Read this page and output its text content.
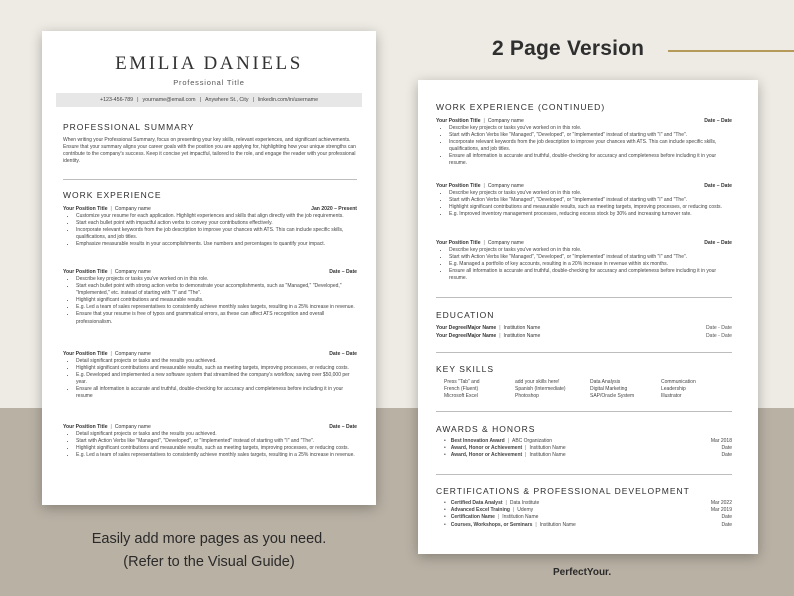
2 Page Version
EMILIA DANIELS
Professional Title
+123-456-789 | yourname@email.com | Anywhere St., City | linkedin.com/in/username
PROFESSIONAL SUMMARY
When writing your Professional Summary, focus on presenting your key skills, relevant experiences, and significant achievements. Ensure that your summary aligns your career goals with the position you are applying for, highlighting how your unique strengths can contribute to the company's success. Keep it concise yet impactful, tailored to the role, and engage the reader with your professional identity.
WORK EXPERIENCE
Your Position Title | Company name	Jan 2020 – Present
• Customize your resume for each application. Highlight experiences and skills that align directly with the job requirements.
• Start each bullet point with impactful action verbs to convey your contributions effectively.
• Incorporate relevant keywords from the job description to improve your chances with ATS. This can include specific skills, qualifications, and job titles.
• Emphasize measurable results in your accomplishments. Use numbers and percentages to quantify your impact.
Your Position Title | Company name	Date – Date
• Describe key projects or tasks you've worked on in this role.
• Start each bullet point with strong action verbs to demonstrate your accomplishments, such as "Managed," "Developed," "Implemented," etc. instead of starting with "I" and "The".
• Highlight significant contributions and measurable results.
• E.g. Led a team of sales representatives to consistently achieve monthly sales targets, resulting in a 25% increase in revenue.
• Ensure that your resume is free of typos and grammatical errors, as these can affect ATS recognition and overall professionalism.
Your Position Title | Company name	Date – Date
• Detail significant projects or tasks and the results you achieved.
• Highlight significant contributions and measurable results, such as meeting targets, improving processes, or reducing costs.
• E.g. Developed and implemented a new software system that streamlined the company's workflow, saving over $50,000 per year.
• Ensure all information is accurate and truthful, double-checking for accuracy and completeness before including it in your resume
Your Position Title | Company name	Date – Date
• Detail significant projects or tasks and the results you achieved.
• Start with Action Verbs like "Managed", "Developed", or "Implemented" instead of starting with "I" and "The".
• Highlight significant contributions and measurable results, such as meeting targets, improving processes, or reducing costs.
• E.g. Led a team of sales representatives to consistently achieve monthly sales targets, resulting in a 25% increase in revenue.
WORK EXPERIENCE (CONTINUED)
Your Position Title | Company name	Date – Date
• Describe key projects or tasks you've worked on in this role.
• Start with Action Verbs like "Managed", "Developed", or "Implemented" instead of starting with "I" and "The".
• Incorporate relevant keywords from the job description to improve your chances with ATS. This can include specific skills, qualifications, and job titles.
• Ensure all information is accurate and truthful, double-checking for accuracy and completeness before including it in your resume.
Your Position Title | Company name	Date – Date
• Describe key projects or tasks you've worked on in this role.
• Start with Action Verbs like "Managed", "Developed", or "Implemented" instead of starting with "I" and "The".
• Highlight significant contributions and measurable results, such as meeting targets, improving processes, or reducing costs.
• E.g. Improved inventory management processes, reducing excess stock by 30% and increasing turnover rate.
Your Position Title | Company name	Date – Date
• Describe key projects or tasks you've worked on in this role.
• Start with Action Verbs like "Managed", "Developed", or "Implemented" instead of starting with "I" and "The".
• E.g. Managed a portfolio of key accounts, resulting in a 20% increase in revenue within six months.
• Ensure all information is accurate and truthful, double-checking for accuracy and completeness before including it in your resume.
EDUCATION
Your Degree/Major Name | Institution Name	Date - Date
Your Degree/Major Name | Institution Name	Date - Date
KEY SKILLS
Press "Tab" and	add your skills here!	Data Analysis	Communication
French (Fluent)	Spanish (Intermediate)	Digital Marketing	Leadership
Microsoft Excel	Photoshop	SAP/Oracle System	Illustrator
AWARDS & HONORS
• Best Innovation Award | ABC Organization	Mar 2018
• Award, Honor or Achievement | Institution Name	Date
• Award, Honor or Achievement | Institution Name	Date
CERTIFICATIONS & PROFESSIONAL DEVELOPMENT
• Certified Data Analyst | Data Institute	Mar 2022
• Advanced Excel Training | Udemy	Mar 2019
• Certification Name | Institution Name	Date
• Courses, Workshops, or Seminars | Institution Name	Date
Easily add more pages as you need.
(Refer to the Visual Guide)
PerfectYour.
